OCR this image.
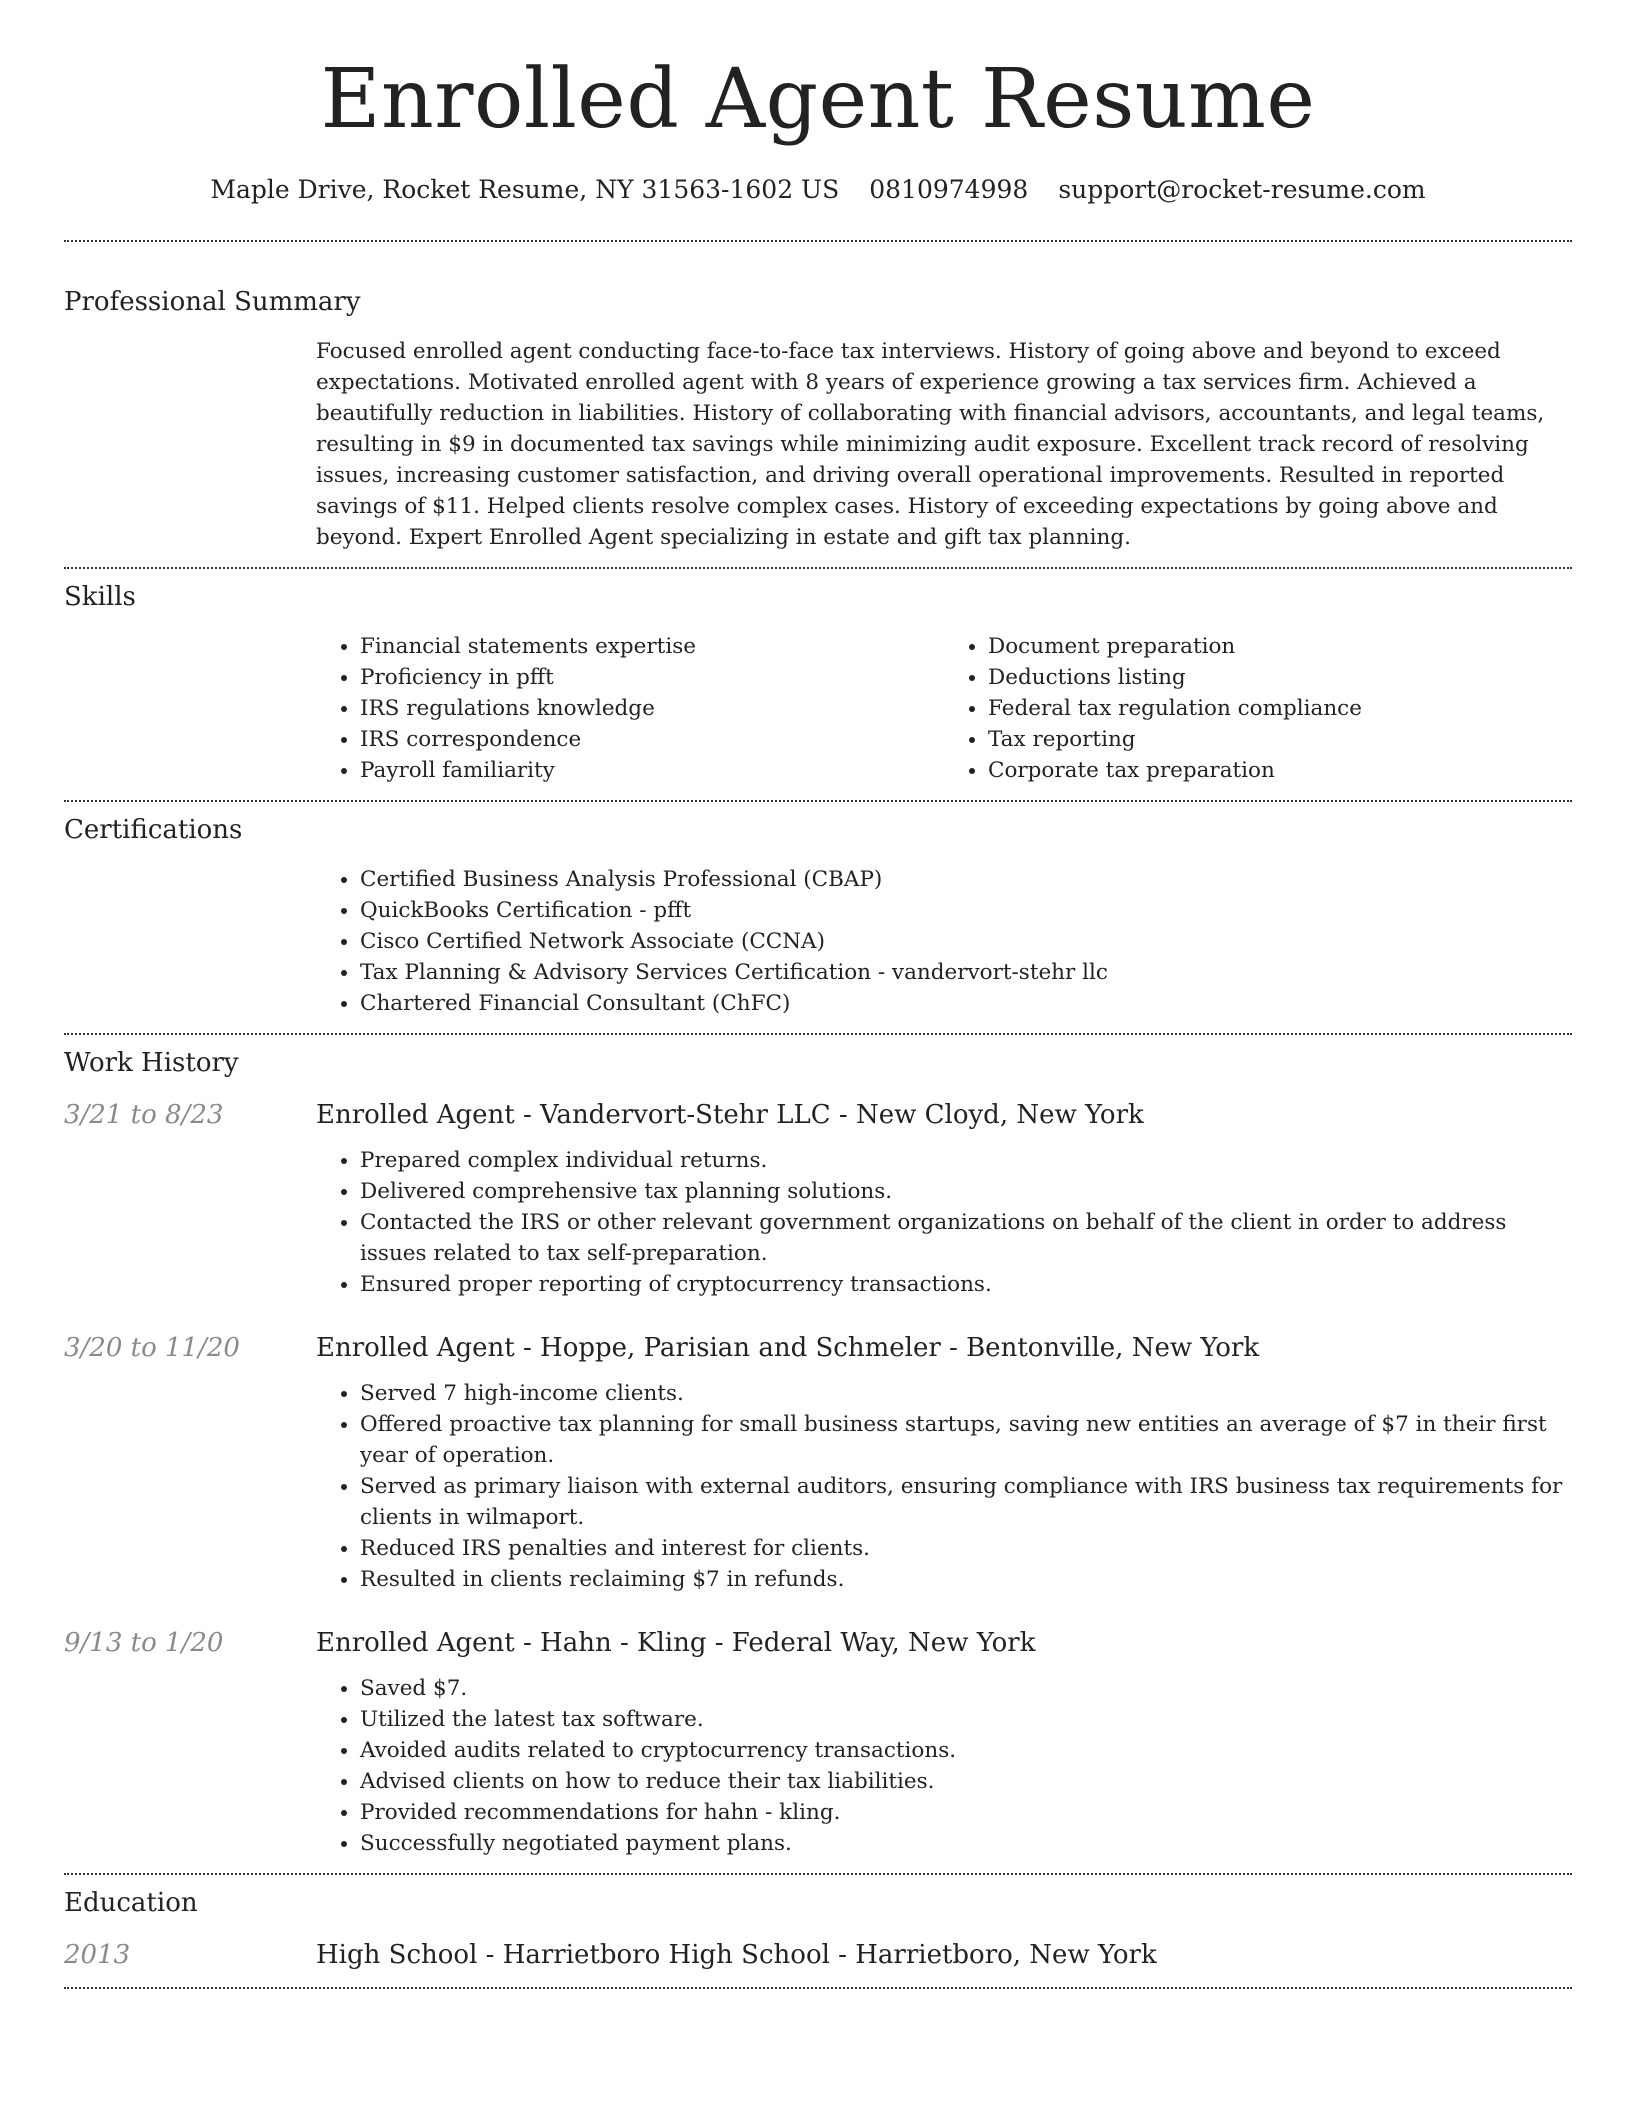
Enrolled Agent Resume
Maple Drive, Rocket Resume, NY 31563-1602 US 0810974998 support@rocket-resume.com
Professional Summary
Focused enrolled agent conducting face-to-face tax interviews. History of going above and beyond to exceed expectations. Motivated enrolled agent with 8 years of experience growing a tax services firm. Achieved a beautifully reduction in liabilities. History of collaborating with financial advisors, accountants, and legal teams, resulting in $9 in documented tax savings while minimizing audit exposure. Excellent track record of resolving issues, increasing customer satisfaction, and driving overall operational improvements. Resulted in reported savings of $11. Helped clients resolve complex cases. History of exceeding expectations by going above and beyond. Expert Enrolled Agent specializing in estate and gift tax planning.
Skills
• Financial statements expertise
• Proficiency in pfft
• IRS regulations knowledge
• IRS correspondence
• Payroll familiarity
• Document preparation
• Deductions listing
• Federal tax regulation compliance
• Tax reporting
• Corporate tax preparation
Certifications
• Certified Business Analysis Professional (CBAP)
• QuickBooks Certification - pfft
• Cisco Certified Network Associate (CCNA)
• Tax Planning & Advisory Services Certification - vandervort-stehr llc
• Chartered Financial Consultant (ChFC)
Work History
3/21 to 8/23	Enrolled Agent - Vandervort-Stehr LLC - New Cloyd, New York
• Prepared complex individual returns.
• Delivered comprehensive tax planning solutions.
• Contacted the IRS or other relevant government organizations on behalf of the client in order to address issues related to tax self-preparation.
• Ensured proper reporting of cryptocurrency transactions.
3/20 to 11/20	Enrolled Agent - Hoppe, Parisian and Schmeler - Bentonville, New York
• Served 7 high-income clients.
• Offered proactive tax planning for small business startups, saving new entities an average of $7 in their first year of operation.
• Served as primary liaison with external auditors, ensuring compliance with IRS business tax requirements for clients in wilmaport.
• Reduced IRS penalties and interest for clients.
• Resulted in clients reclaiming $7 in refunds.
9/13 to 1/20	Enrolled Agent - Hahn - Kling - Federal Way, New York
• Saved $7.
• Utilized the latest tax software.
• Avoided audits related to cryptocurrency transactions.
• Advised clients on how to reduce their tax liabilities.
• Provided recommendations for hahn - kling.
• Successfully negotiated payment plans.
Education
2013	High School - Harrietboro High School - Harrietboro, New York
